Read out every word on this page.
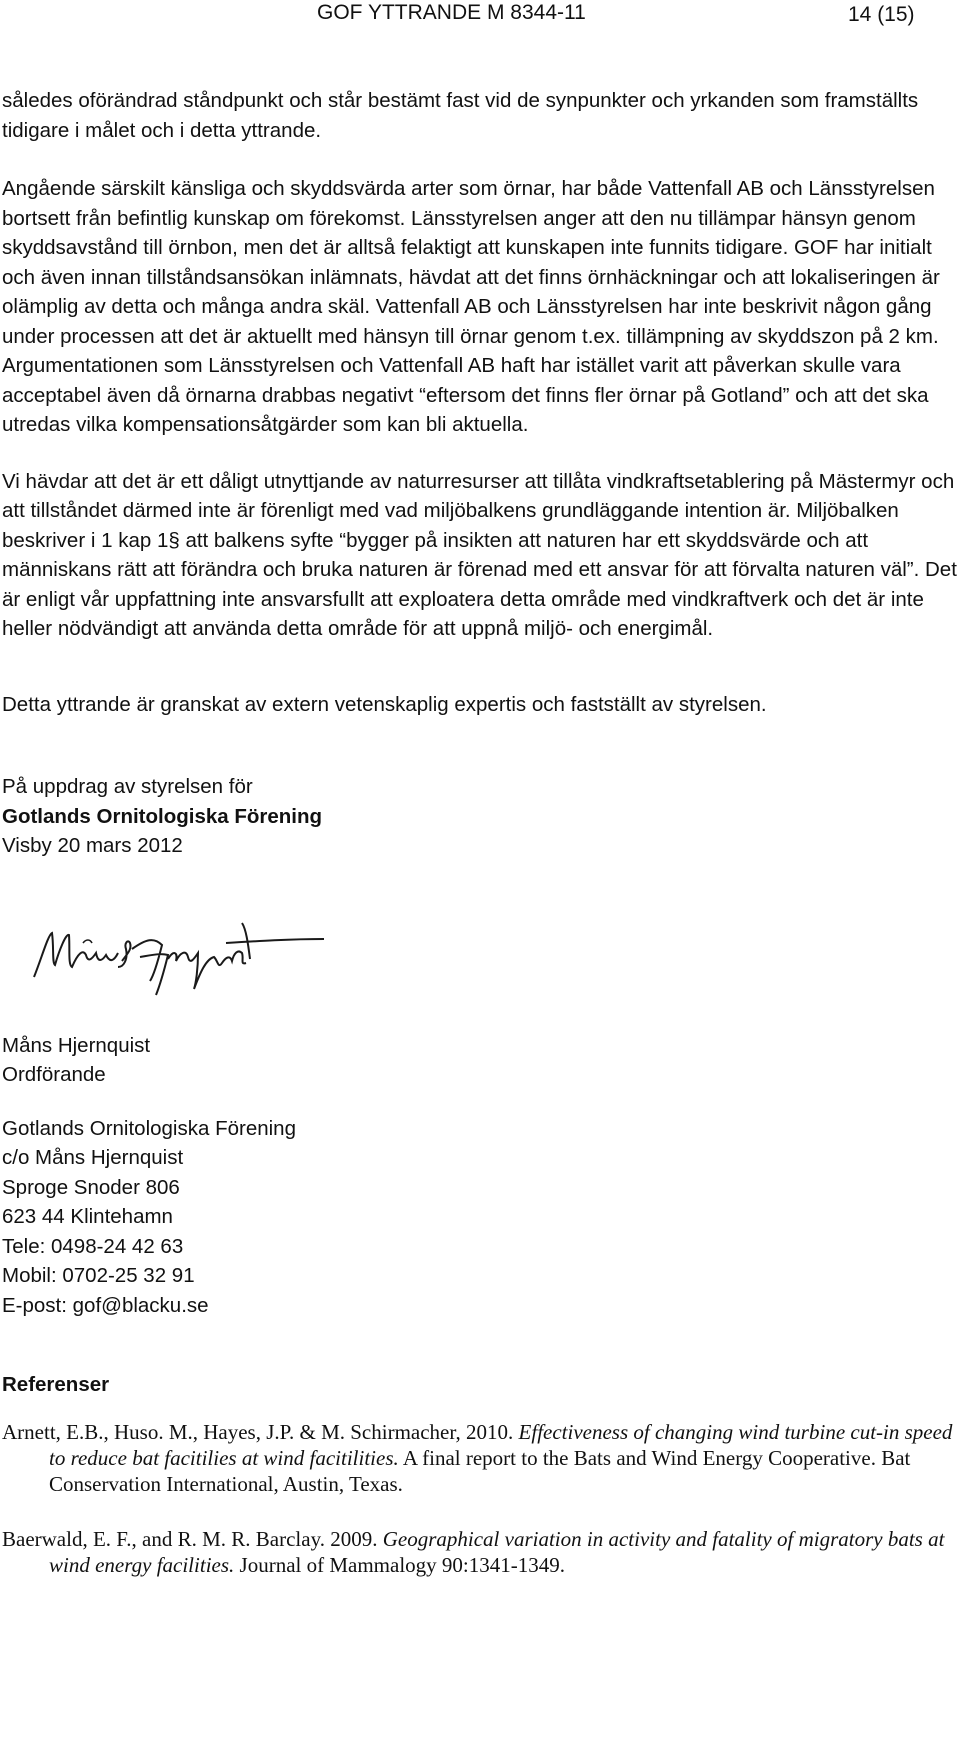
GOF YTTRANDE M 8344-11	14 (15)

således oförändrad ståndpunkt och står bestämt fast vid de synpunkter och yrkanden som framställts tidigare i målet och i detta yttrande.

Angående särskilt känsliga och skyddsvärda arter som örnar, har både Vattenfall AB och Länsstyrelsen bortsett från befintlig kunskap om förekomst. Länsstyrelsen anger att den nu tillämpar hänsyn genom skyddsavstånd till örnbon, men det är alltså felaktigt att kunskapen inte funnits tidigare. GOF har initialt och även innan tillståndsansökan inlämnats, hävdat att det finns örnhäckningar och att lokaliseringen är olämplig av detta och många andra skäl. Vattenfall AB och Länsstyrelsen har inte beskrivit någon gång under processen att det är aktuellt med hänsyn till örnar genom t.ex. tillämpning av skyddszon på 2 km. Argumentationen som Länsstyrelsen och Vattenfall AB haft har istället varit att påverkan skulle vara acceptabel även då örnarna drabbas negativt “eftersom det finns fler örnar på Gotland” och att det ska utredas vilka kompensationsåtgärder som kan bli aktuella.

Vi hävdar att det är ett dåligt utnyttjande av naturresurser att tillåta vindkraftsetablering på Mästermyr och att tillståndet därmed inte är förenligt med vad miljöbalkens grundläggande intention är. Miljöbalken beskriver i 1 kap 1§ att balkens syfte “bygger på insikten att naturen har ett skyddsvärde och att människans rätt att förändra och bruka naturen är förenad med ett ansvar för att förvalta naturen väl”. Det är enligt vår uppfattning inte ansvarsfullt att exploatera detta område med vindkraftverk och det är inte heller nödvändigt att använda detta område för att uppnå miljö- och energimål.

Detta yttrande är granskat av extern vetenskaplig expertis och fastställt av styrelsen.

På uppdrag av styrelsen för

Gotlands Ornitologiska Förening

Visby 20 mars 2012

Måns Hjernquist

Ordförande

Gotlands Ornitologiska Förening

c/o Måns Hjernquist

Sproge Snoder 806

623 44 Klintehamn

Tele: 0498-24 42 63

Mobil: 0702-25 32 91

E-post: gof@blacku.se

Referenser

Arnett, E.B., Huso. M., Hayes, J.P. & M. Schirmacher, 2010. Effectiveness of changing wind turbine cut-in speed to reduce bat facitilies at wind facitilities. A final report to the Bats and Wind Energy Cooperative. Bat Conservation International, Austin, Texas.

Baerwald, E. F., and R. M. R. Barclay. 2009. Geographical variation in activity and fatality of migratory bats at wind energy facilities. Journal of Mammalogy 90:1341-1349.
